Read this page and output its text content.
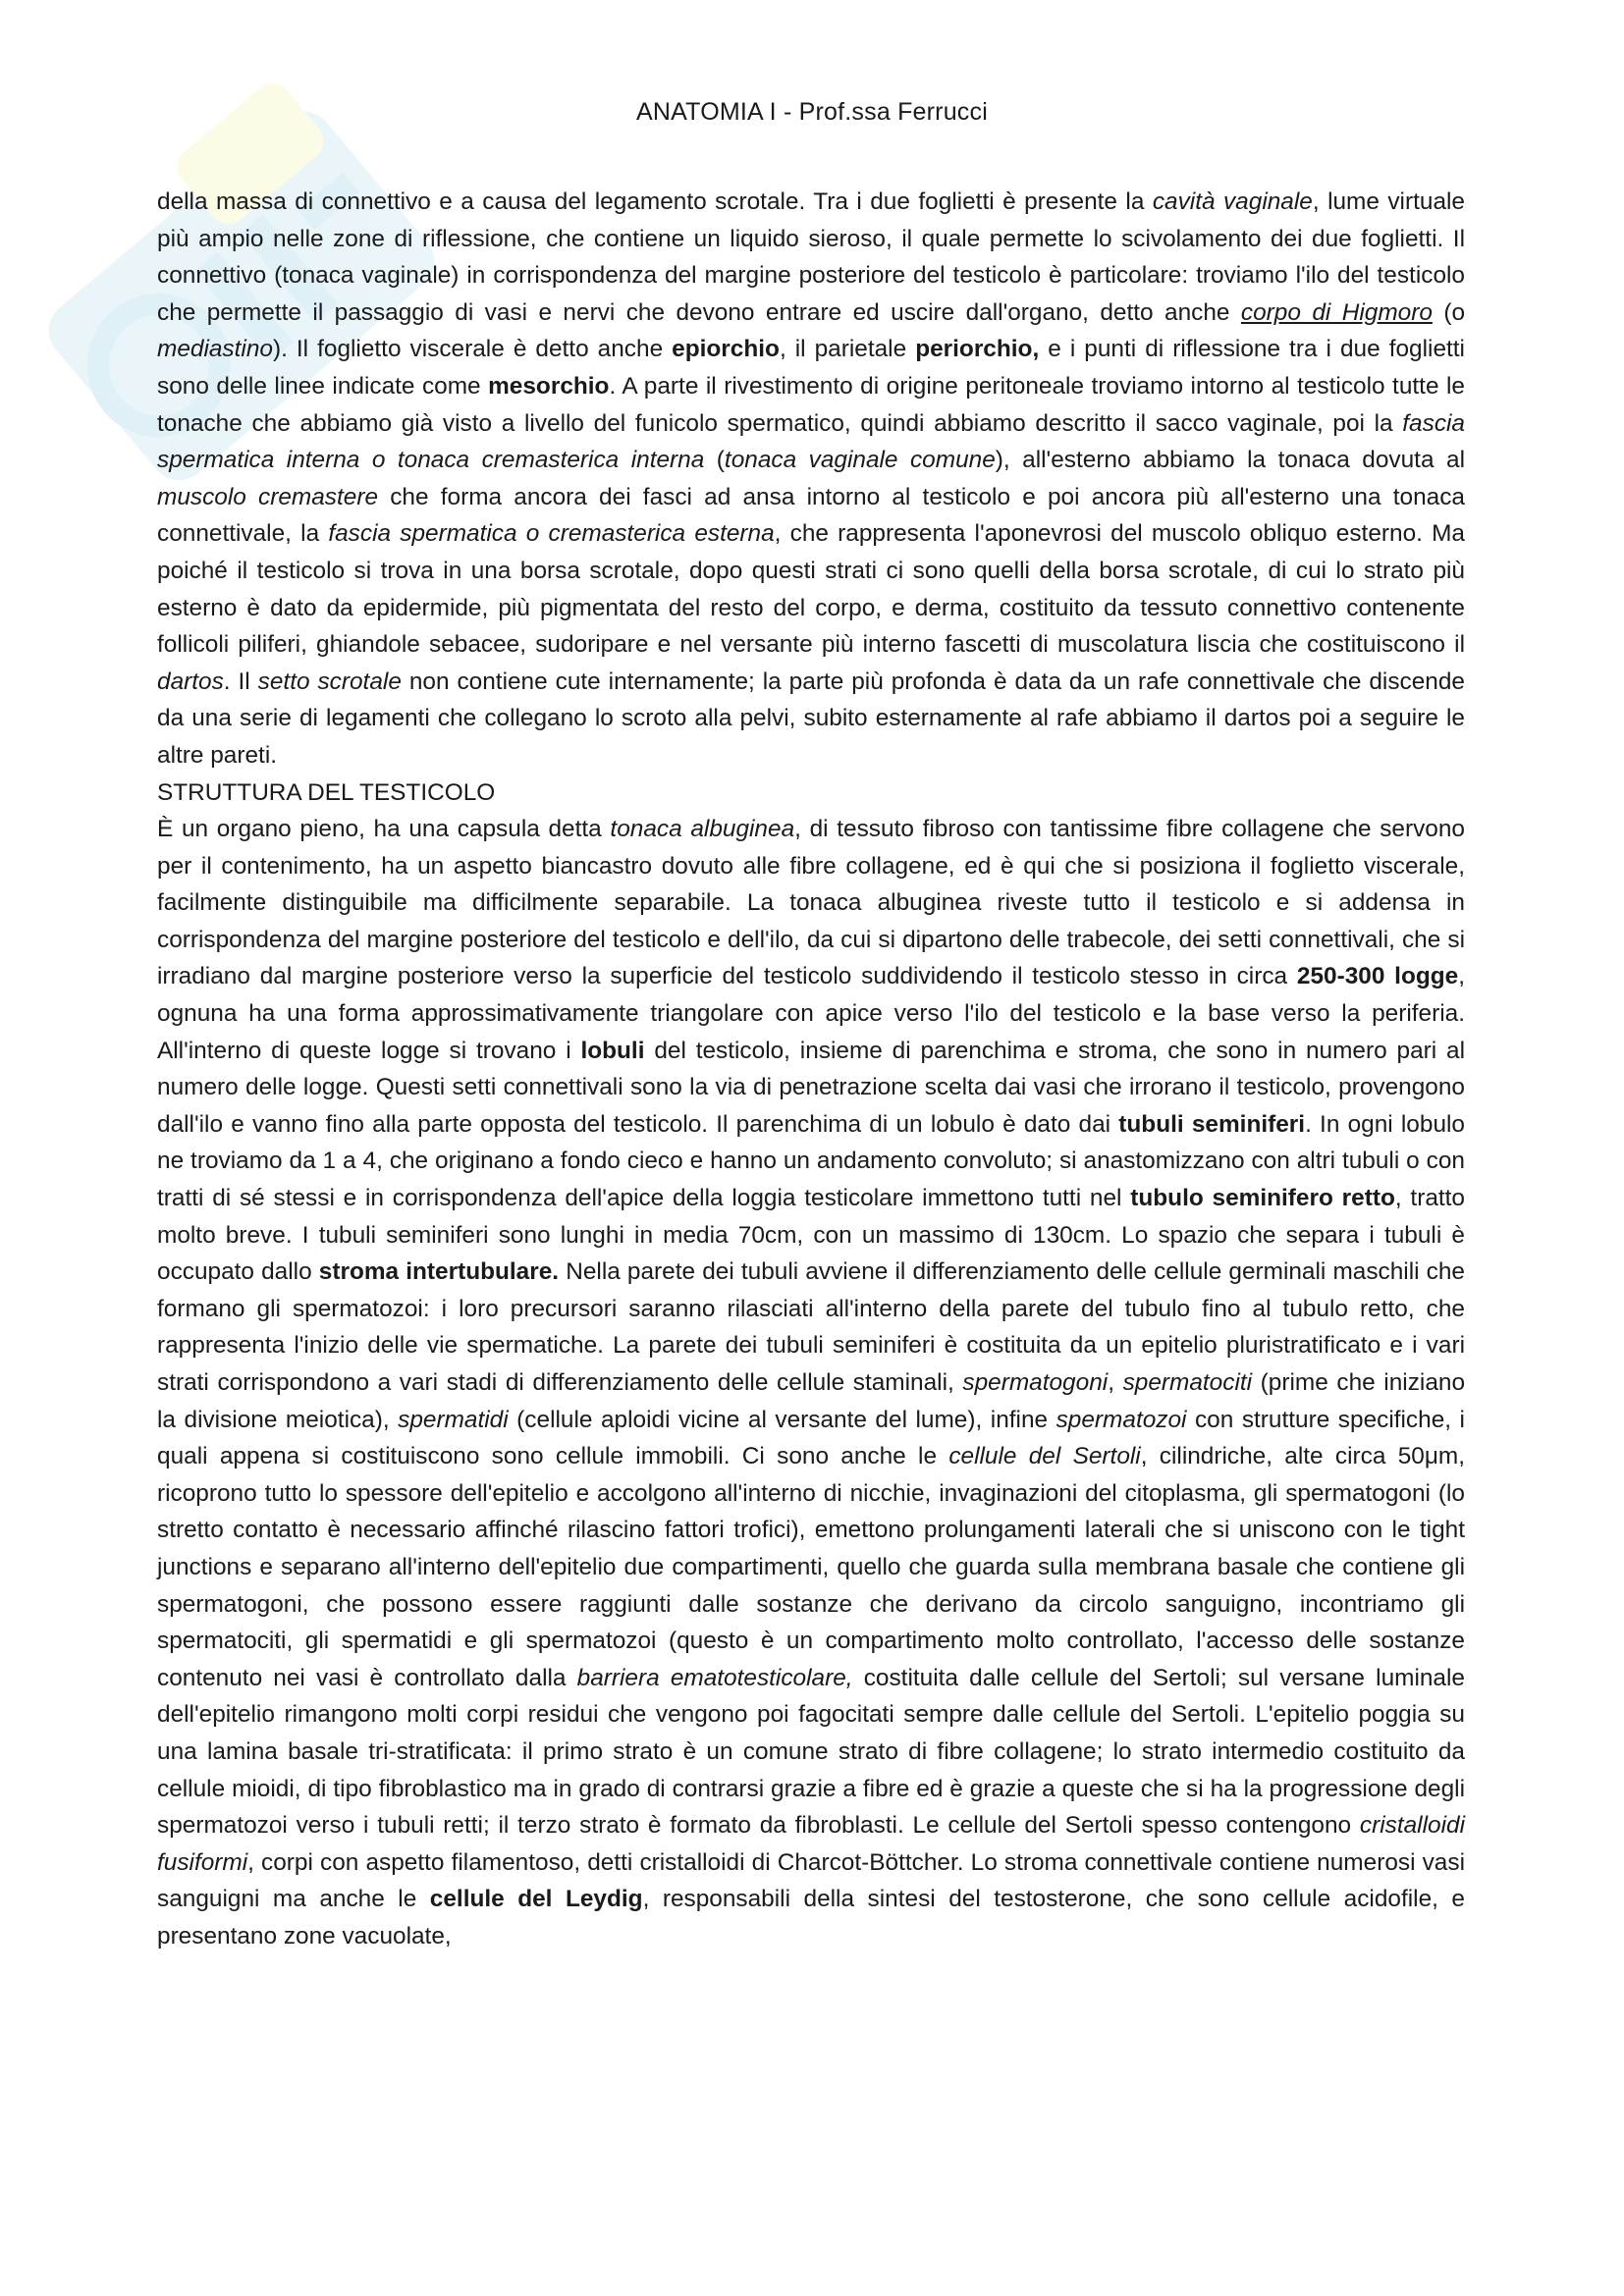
ANATOMIA I - Prof.ssa Ferrucci

della massa di connettivo e a causa del legamento scrotale. Tra i due foglietti è presente la cavità vaginale, lume virtuale più ampio nelle zone di riflessione, che contiene un liquido sieroso, il quale permette lo scivolamento dei due foglietti. Il connettivo (tonaca vaginale) in corrispondenza del margine posteriore del testicolo è particolare: troviamo l'ilo del testicolo che permette il passaggio di vasi e nervi che devono entrare ed uscire dall'organo, detto anche corpo di Higmoro (o mediastino). Il foglietto viscerale è detto anche epiorchio, il parietale periorchio, e i punti di riflessione tra i due foglietti sono delle linee indicate come mesorchio. A parte il rivestimento di origine peritoneale troviamo intorno al testicolo tutte le tonache che abbiamo già visto a livello del funicolo spermatico, quindi abbiamo descritto il sacco vaginale, poi la fascia spermatica interna o tonaca cremasterica interna (tonaca vaginale comune), all'esterno abbiamo la tonaca dovuta al muscolo cremastere che forma ancora dei fasci ad ansa intorno al testicolo e poi ancora più all'esterno una tonaca connettivale, la fascia spermatica o cremasterica esterna, che rappresenta l'aponevrosi del muscolo obliquo esterno. Ma poiché il testicolo si trova in una borsa scrotale, dopo questi strati ci sono quelli della borsa scrotale, di cui lo strato più esterno è dato da epidermide, più pigmentata del resto del corpo, e derma, costituito da tessuto connettivo contenente follicoli piliferi, ghiandole sebacee, sudoripare e nel versante più interno fascetti di muscolatura liscia che costituiscono il dartos. Il setto scrotale non contiene cute internamente; la parte più profonda è data da un rafe connettivale che discende da una serie di legamenti che collegano lo scroto alla pelvi, subito esternamente al rafe abbiamo il dartos poi a seguire le altre pareti.

STRUTTURA DEL TESTICOLO

È un organo pieno, ha una capsula detta tonaca albuginea, di tessuto fibroso con tantissime fibre collagene che servono per il contenimento, ha un aspetto biancastro dovuto alle fibre collagene, ed è qui che si posiziona il foglietto viscerale, facilmente distinguibile ma difficilmente separabile. La tonaca albuginea riveste tutto il testicolo e si addensa in corrispondenza del margine posteriore del testicolo e dell'ilo, da cui si dipartono delle trabecole, dei setti connettivali, che si irradiano dal margine posteriore verso la superficie del testicolo suddividendo il testicolo stesso in circa 250-300 logge, ognuna ha una forma approssimativamente triangolare con apice verso l'ilo del testicolo e la base verso la periferia. All'interno di queste logge si trovano i lobuli del testicolo, insieme di parenchima e stroma, che sono in numero pari al numero delle logge. Questi setti connettivali sono la via di penetrazione scelta dai vasi che irrorano il testicolo, provengono dall'ilo e vanno fino alla parte opposta del testicolo. Il parenchima di un lobulo è dato dai tubuli seminiferi. In ogni lobulo ne troviamo da 1 a 4, che originano a fondo cieco e hanno un andamento convoluto; si anastomizzano con altri tubuli o con tratti di sé stessi e in corrispondenza dell'apice della loggia testicolare immettono tutti nel tubulo seminifero retto, tratto molto breve. I tubuli seminiferi sono lunghi in media 70cm, con un massimo di 130cm. Lo spazio che separa i tubuli è occupato dallo stroma intertubulare. Nella parete dei tubuli avviene il differenziamento delle cellule germinali maschili che formano gli spermatozoi: i loro precursori saranno rilasciati all'interno della parete del tubulo fino al tubulo retto, che rappresenta l'inizio delle vie spermatiche. La parete dei tubuli seminiferi è costituita da un epitelio pluristratificato e i vari strati corrispondono a vari stadi di differenziamento delle cellule staminali, spermatogoni, spermatociti (prime che iniziano la divisione meiotica), spermatidi (cellule aploidi vicine al versante del lume), infine spermatozoi con strutture specifiche, i quali appena si costituiscono sono cellule immobili. Ci sono anche le cellule del Sertoli, cilindriche, alte circa 50μm, ricoprono tutto lo spessore dell'epitelio e accolgono all'interno di nicchie, invaginazioni del citoplasma, gli spermatogoni (lo stretto contatto è necessario affinché rilascino fattori trofici), emettono prolungamenti laterali che si uniscono con le tight junctions e separano all'interno dell'epitelio due compartimenti, quello che guarda sulla membrana basale che contiene gli spermatogoni, che possono essere raggiunti dalle sostanze che derivano da circolo sanguigno, incontriamo gli spermatociti, gli spermatidi e gli spermatozoi (questo è un compartimento molto controllato, l'accesso delle sostanze contenuto nei vasi è controllato dalla barriera ematotesticolare, costituita dalle cellule del Sertoli; sul versane luminale dell'epitelio rimangono molti corpi residui che vengono poi fagocitati sempre dalle cellule del Sertoli. L'epitelio poggia su una lamina basale tri-stratificata: il primo strato è un comune strato di fibre collagene; lo strato intermedio costituito da cellule mioidi, di tipo fibroblastico ma in grado di contrarsi grazie a fibre ed è grazie a queste che si ha la progressione degli spermatozoi verso i tubuli retti; il terzo strato è formato da fibroblasti. Le cellule del Sertoli spesso contengono cristalloidi fusiformi, corpi con aspetto filamentoso, detti cristalloidi di Charcot-Böttcher. Lo stroma connettivale contiene numerosi vasi sanguigni ma anche le cellule del Leydig, responsabili della sintesi del testosterone, che sono cellule acidofile, e presentano zone vacuolate,
